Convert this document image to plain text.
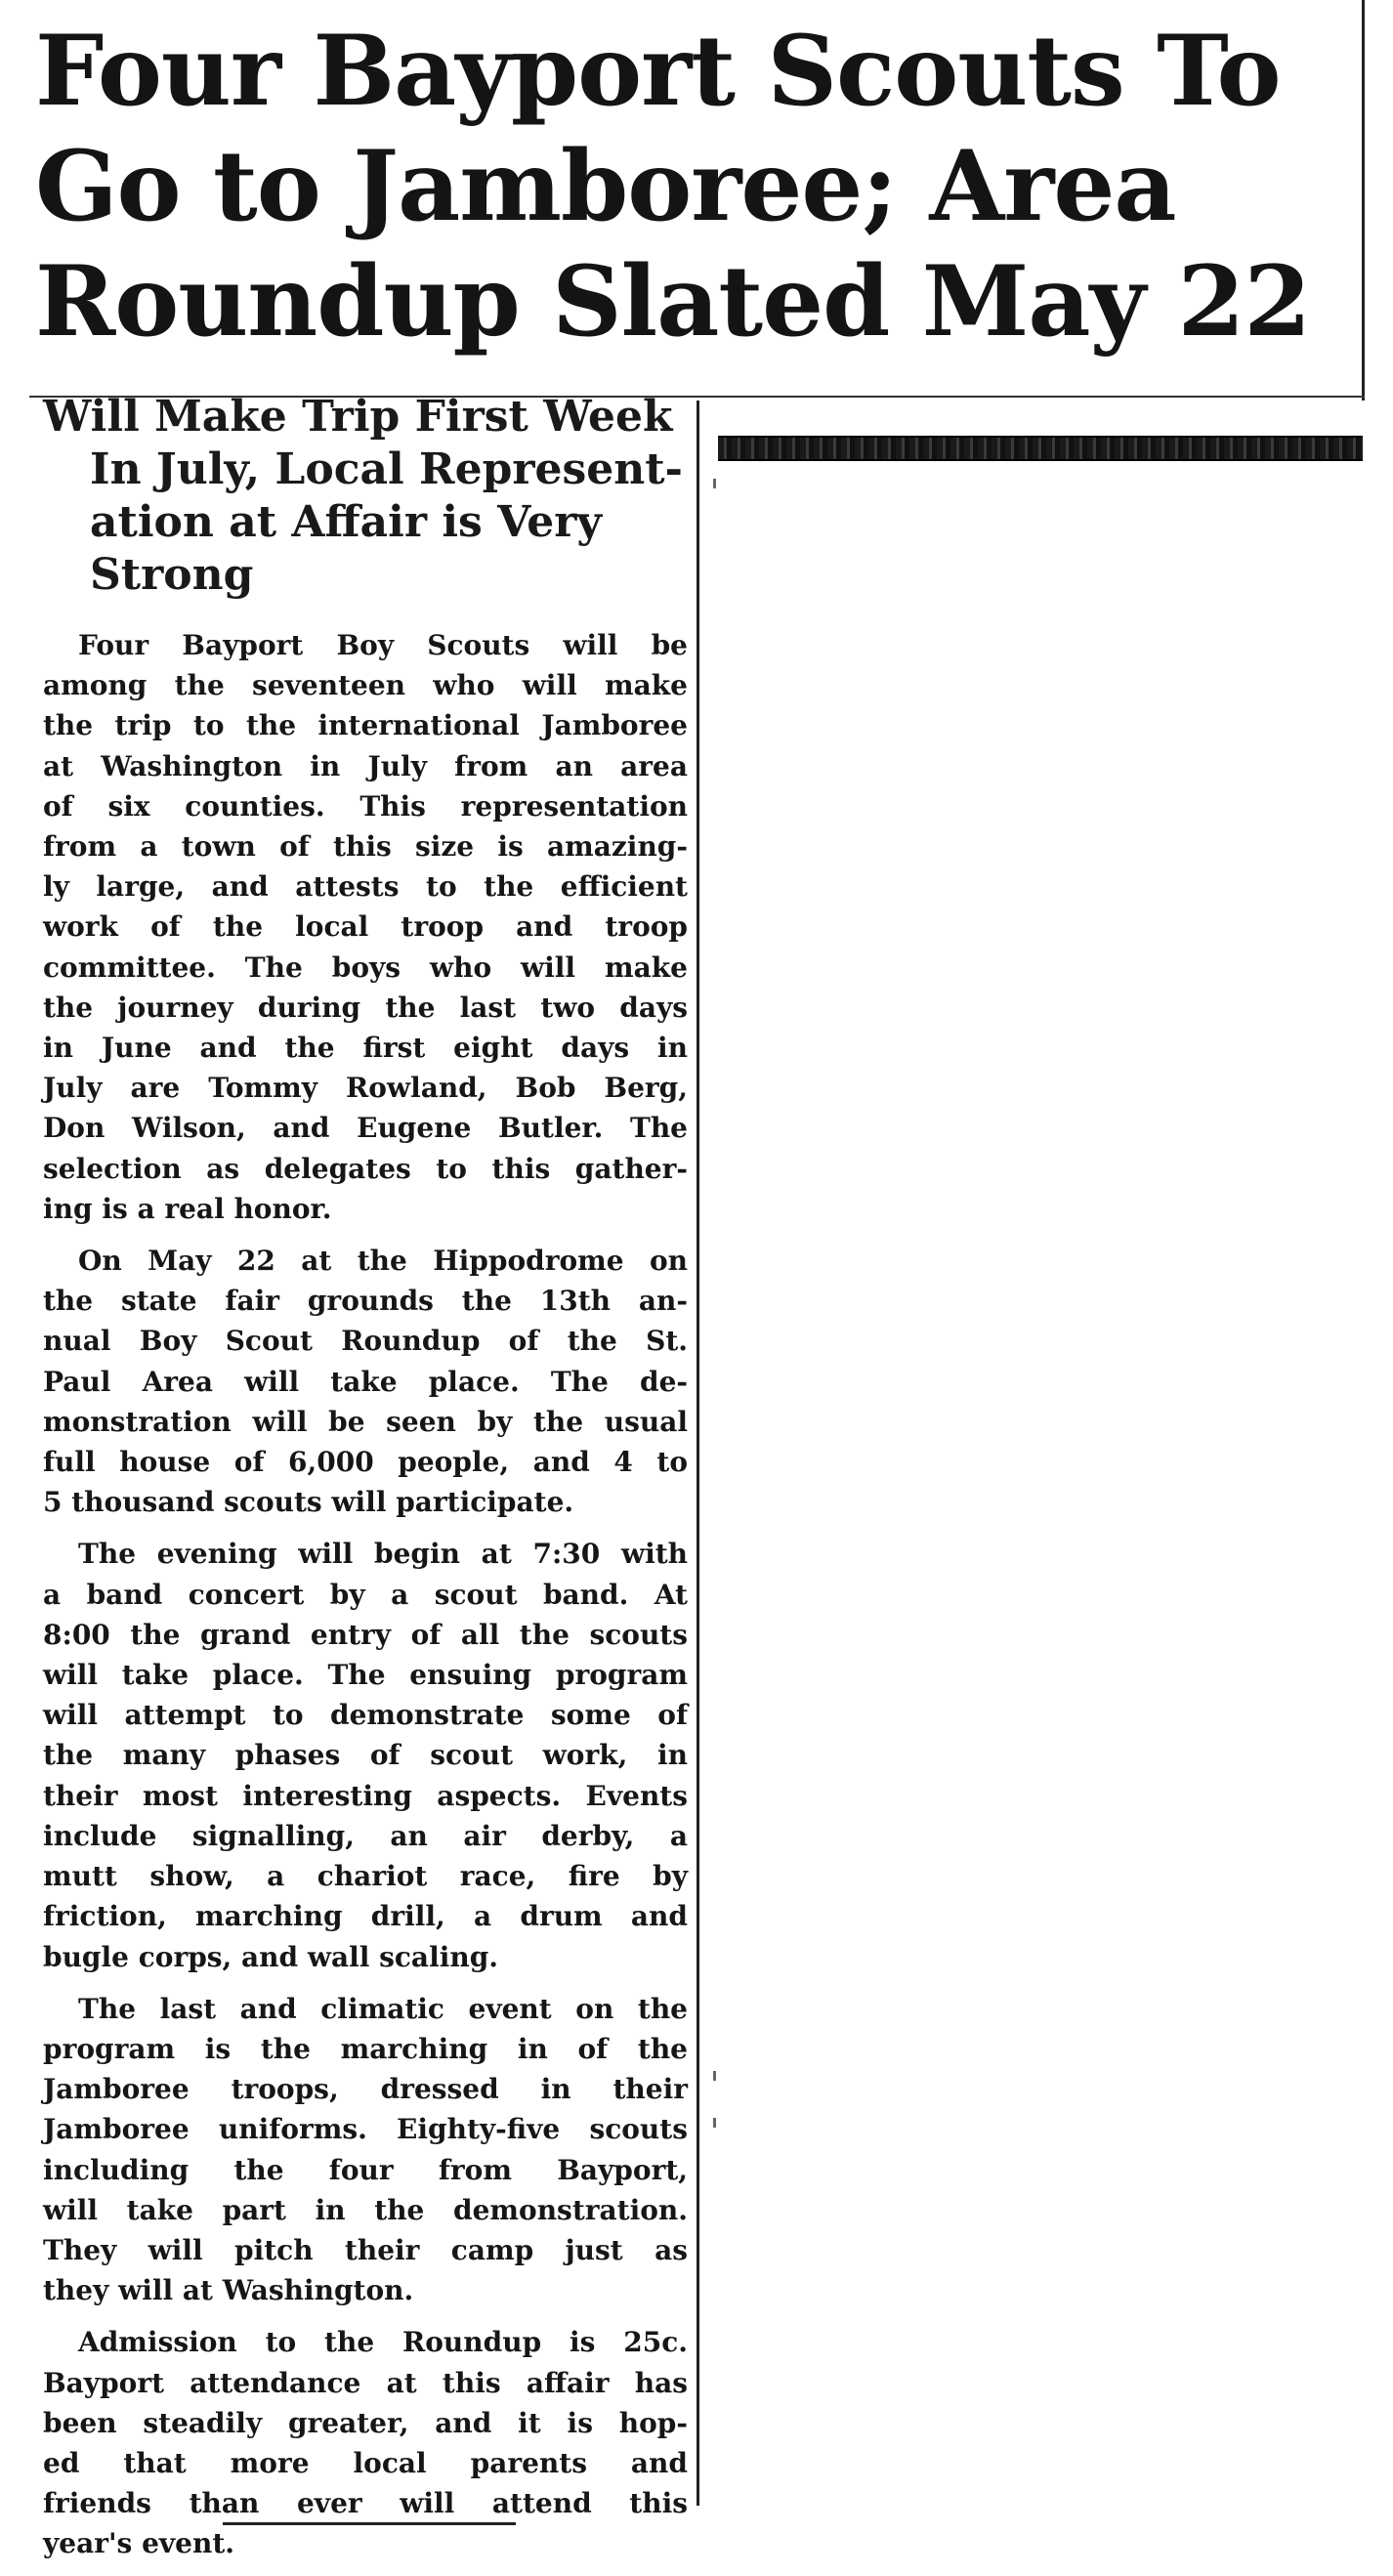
Four Bayport Scouts To
Go to Jamboree; Area
Roundup Slated May 22
Will Make Trip First Week
In July, Local Represent-
ation at Affair is Very
Strong

Four Bayport Boy Scouts will be
among the seventeen who will make
the trip to the international Jamboree
at Washington in July from an area
of six counties. This representation
from a town of this size is amazing-
ly large, and attests to the efficient
work of the local troop and troop
committee. The boys who will make
the journey during the last two days
in June and the first eight days in
July are Tommy Rowland, Bob Berg,
Don Wilson, and Eugene Butler. The
selection as delegates to this gather-
ing is a real honor.

On May 22 at the Hippodrome on
the state fair grounds the 13th an-
nual Boy Scout Roundup of the St.
Paul Area will take place. The de-
monstration will be seen by the usual
full house of 6,000 people, and 4 to
5 thousand scouts will participate.

The evening will begin at 7:30 with
a band concert by a scout band. At
8:00 the grand entry of all the scouts
will take place. The ensuing program
will attempt to demonstrate some of
the many phases of scout work, in
their most interesting aspects. Events
include signalling, an air derby, a
mutt show, a chariot race, fire by
friction, marching drill, a drum and
bugle corps, and wall scaling.

The last and climatic event on the
program is the marching in of the
Jamboree troops, dressed in their
Jamboree uniforms. Eighty-five scouts
including the four from Bayport,
will take part in the demonstration.
They will pitch their camp just as
they will at Washington.

Admission to the Roundup is 25c.
Bayport attendance at this affair has
been steadily greater, and it is hop-
ed that more local parents and
friends than ever will attend this
year's event.
